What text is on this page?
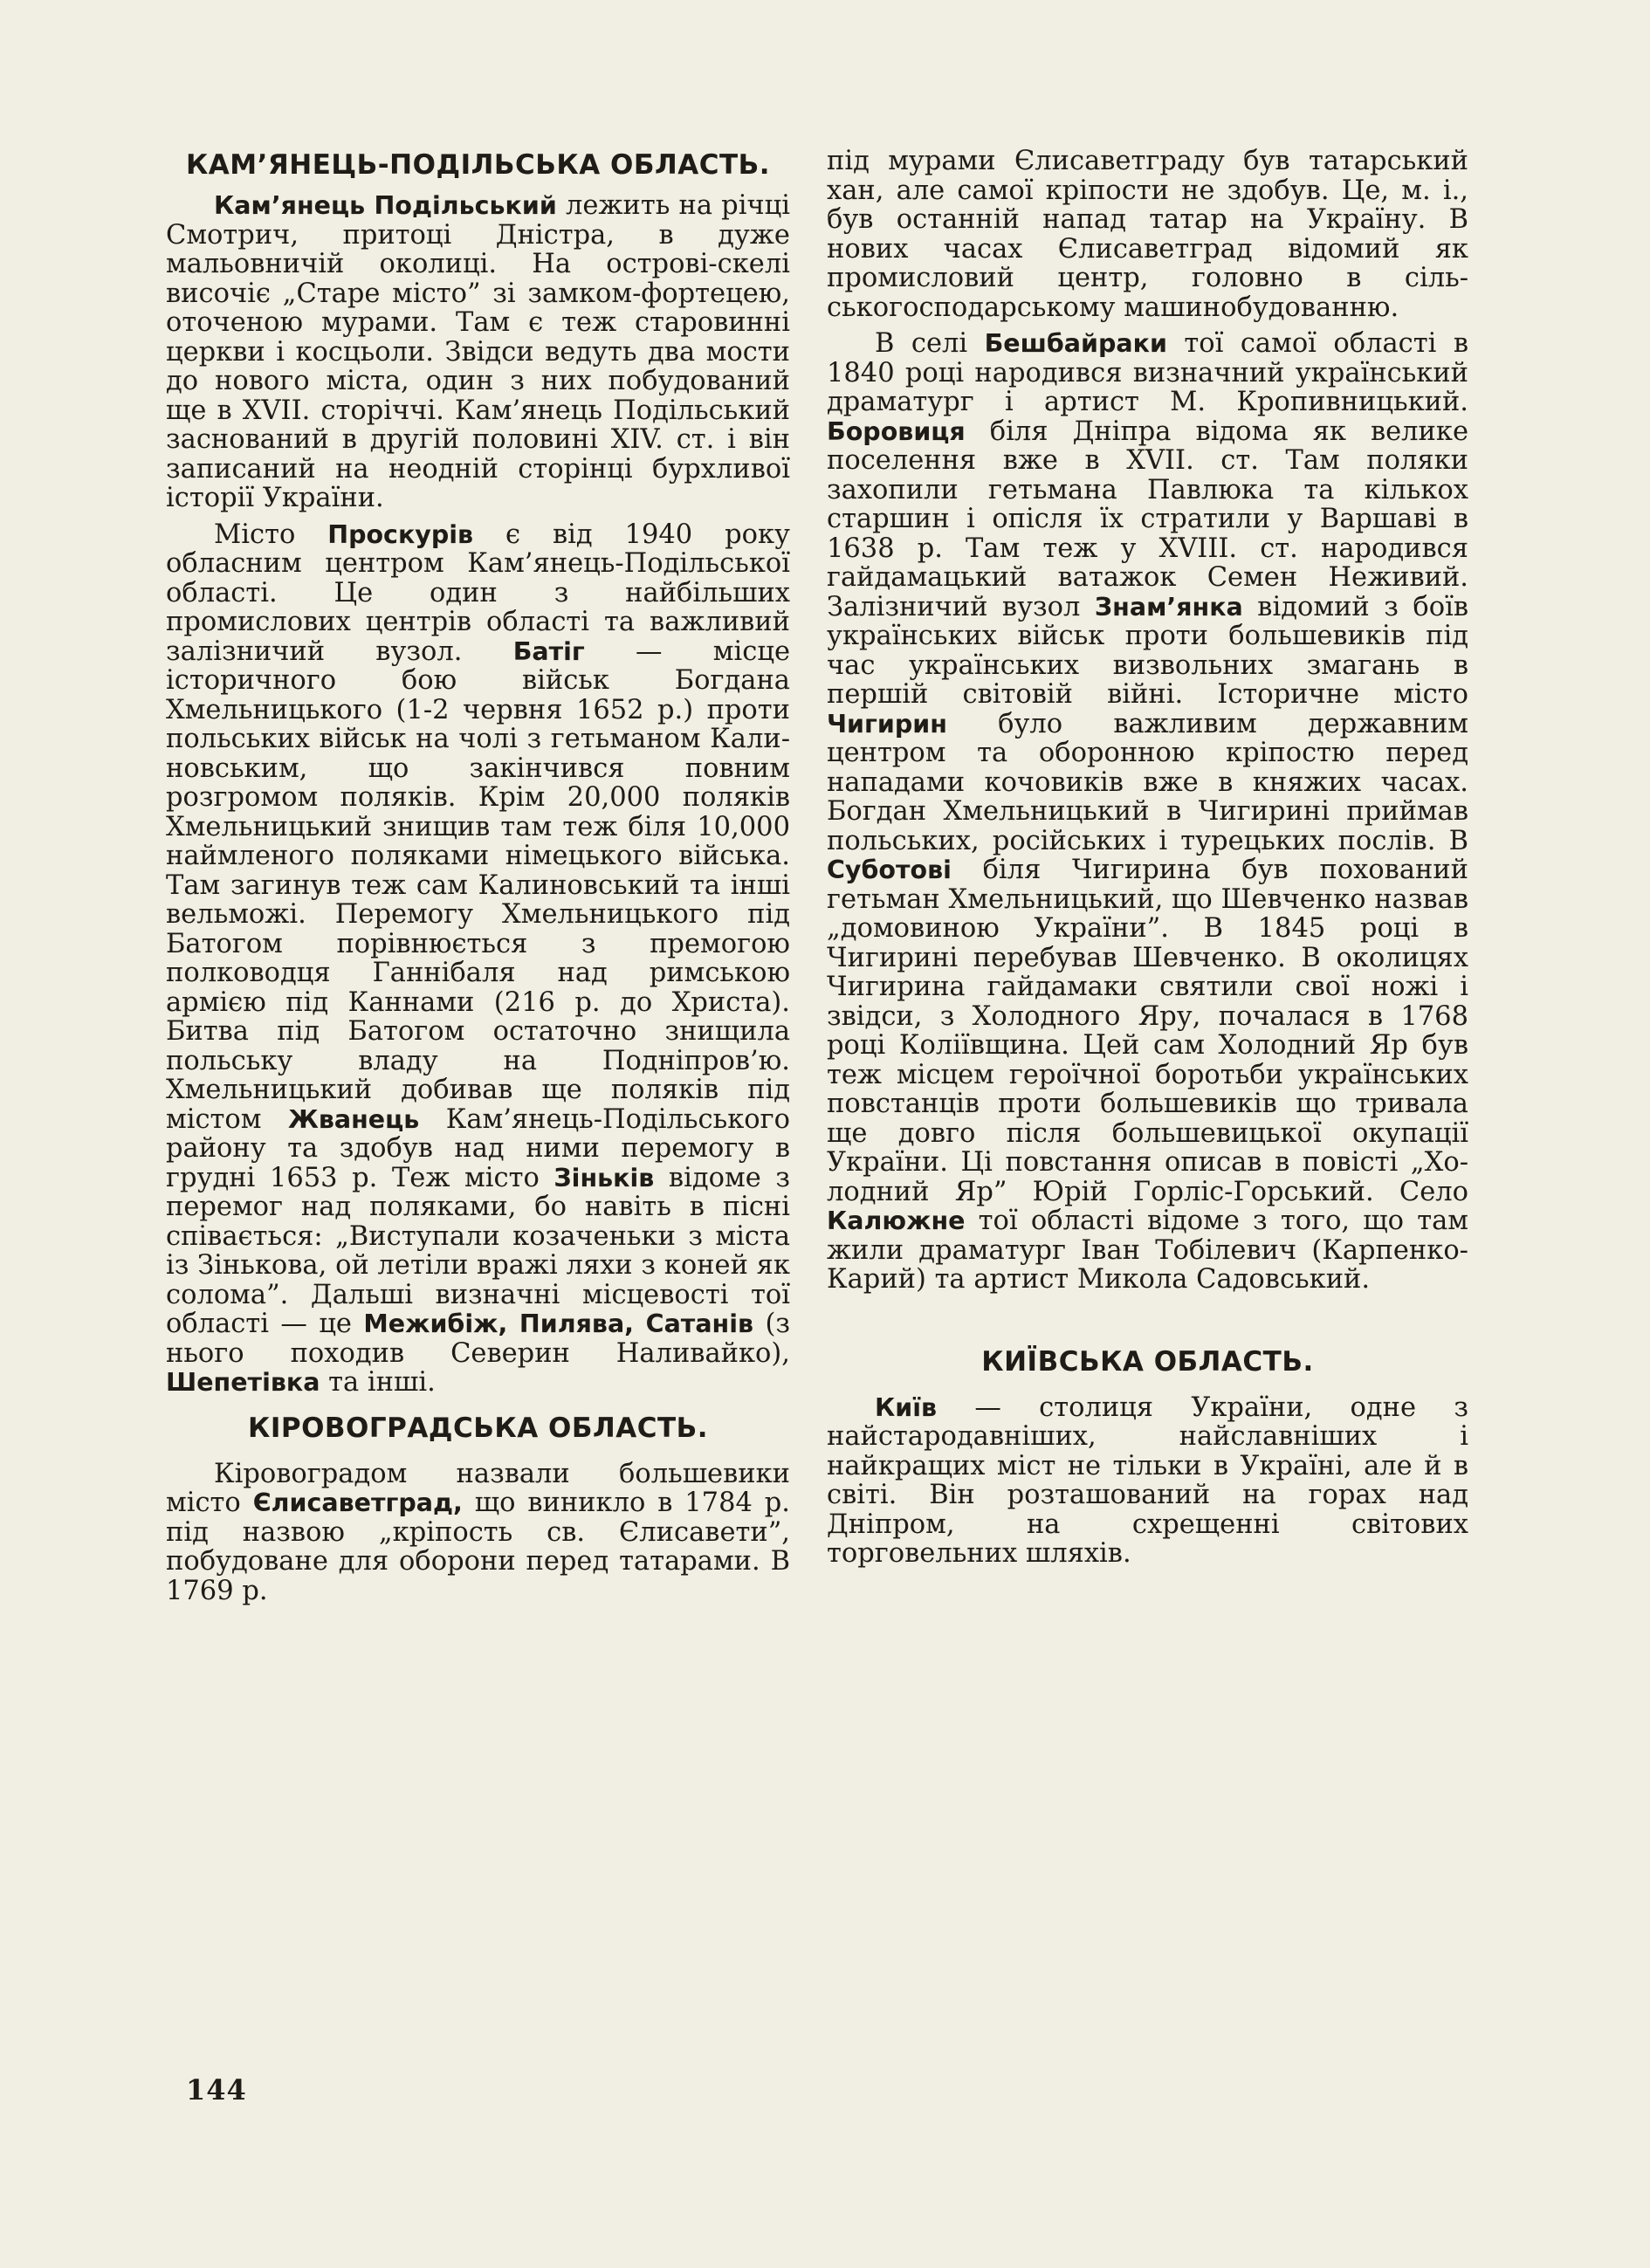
КАМ’ЯНЕЦЬ-ПОДІЛЬСЬКА ОБЛАСТЬ.

Кам’янець Подільський лежить на річці Смотрич, притоці Дністра, в дуже мальовничій околиці. На острові-скелі височіє „Старе місто” зі замком-фортецею, оточеною мурами. Там є теж старовинні церкви і косцьоли. Звідси ведуть два мости до нового міста, один з них побудований ще в XVII. сторіччі. Кам’янець Подільський заснований в другій половині XIV. ст. і він записаний на неодній сторінці бурхливої історії України.

Місто Проскурів є від 1940 року обласним центром Кам’янець-Подільської області. Це один з найбільших промислових центрів області та важливий залізничий вузол. Батіг — місце історичного бою військ Богдана Хмельницького (1-2 червня 1652 р.) проти польських військ на чолі з гетьманом Калиновським, що закінчився повним розгромом поляків. Крім 20,000 поляків Хмельницький знищив там теж біля 10,000 наймленого поляками німецького війська. Там загинув теж сам Калиновський та інші вельможі. Перемогу Хмельницького під Батогом порівнюється з премогою полководця Ганнібаля над римською армією під Каннами (216 р. до Христа). Битва під Батогом остаточно знищила польську владу на Подніпров’ю. Хмельницький добивав ще поляків під містом Жванець Кам’янець-Подільського району та здобув над ними перемогу в грудні 1653 р. Теж місто Зіньків відоме з перемог над поляками, бо навіть в пісні співається: „Виступали козаченьки з міста із Зінькова, ой летіли вражі ляхи з коней як солома”. Дальші визначні місцевості тої області — це Межибіж, Пилява, Сатанів (з нього походив Северин Наливайко), Шепетівка та інші.

КІРОВОГРАДСЬКА ОБЛАСТЬ.

Кіровоградом назвали большевики місто Єлисаветград, що виникло в 1784 р. під назвою „кріпость св. Єлисавети”, побудоване для оборони перед татарами. В 1769 р.

під мурами Єлисаветграду був татарський хан, але самої кріпости не здобув. Це, м. і., був останній напад татар на Україну. В нових часах Єлисаветград відомий як промисловий центр, головно в сільськогосподарському машинобудованню.

В селі Бешбайраки тої самої області в 1840 році народився визначний український драматург і артист М. Кропивницький. Боровиця біля Дніпра відома як велике поселення вже в XVII. ст. Там поляки захопили гетьмана Павлюка та кількох старшин і опісля їх стратили у Варшаві в 1638 р. Там теж у XVIII. ст. народився гайдамацький ватажок Семен Неживий. Залізничий вузол Знам’янка відомий з боїв українських військ проти большевиків під час українських визвольних змагань в першій світовій війні. Історичне місто Чигирин було важливим державним центром та оборонною кріпостю перед нападами кочовиків вже в княжих часах. Богдан Хмельницький в Чигирині приймав польських, російських і турецьких послів. В Суботові біля Чигирина був похований гетьман Хмельницький, що Шевченко назвав „домовиною України”. В 1845 році в Чигирині перебував Шевченко. В околицях Чигирина гайдамаки святили свої ножі і звідси, з Холодного Яру, почалася в 1768 році Коліївщина. Цей сам Холодний Яр був теж місцем героїчної боротьби українських повстанців проти большевиків що тривала ще довго після большевицької окупації України. Ці повстання описав в повісті „Холодний Яр” Юрій Горліс-Горський. Село Калюжне тої області відоме з того, що там жили драматург Іван Тобілевич (Карпенко-Карий) та артист Микола Садовський.

КИЇВСЬКА ОБЛАСТЬ.

Київ — столиця України, одне з найстародавніших, найславніших і найкращих міст не тільки в Україні, але й в світі. Він розташований на горах над Дніпром, на схрещенні світових торговельних шляхів.

144
